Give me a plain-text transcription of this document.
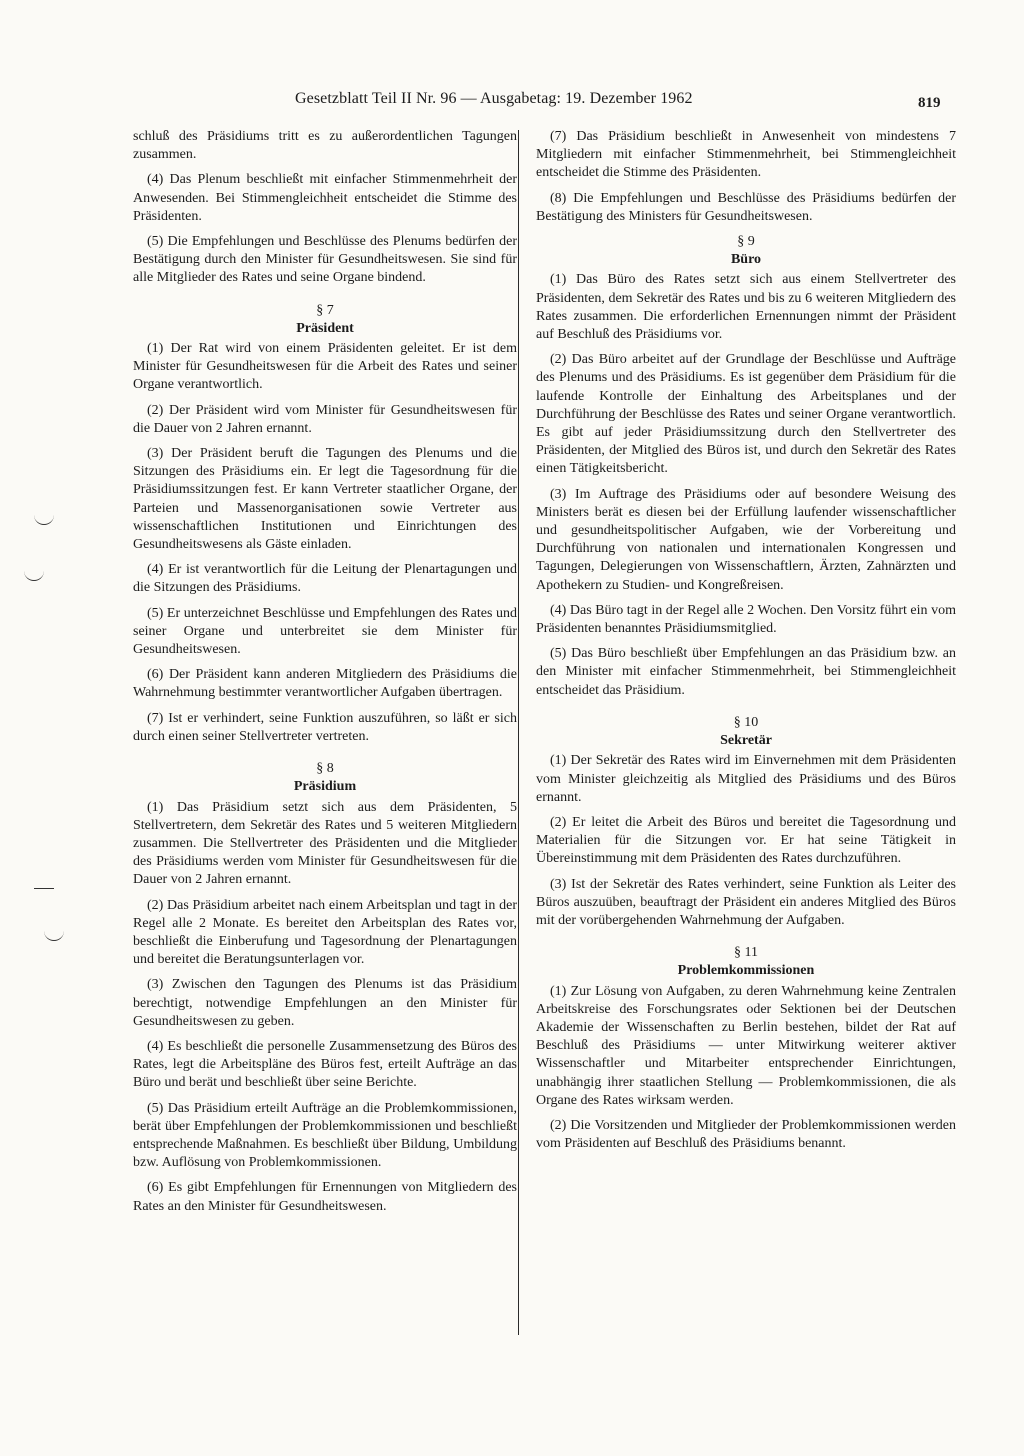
Gesetzblatt Teil II Nr. 96 — Ausgabetag: 19. Dezember 1962	819

schluß des Präsidiums tritt es zu außerordentlichen Tagungen zusammen.

(4) Das Plenum beschließt mit einfacher Stimmenmehrheit der Anwesenden. Bei Stimmengleichheit entscheidet die Stimme des Präsidenten.

(5) Die Empfehlungen und Beschlüsse des Plenums bedürfen der Bestätigung durch den Minister für Gesundheitswesen. Sie sind für alle Mitglieder des Rates und seine Organe bindend.

§ 7
Präsident

(1) Der Rat wird von einem Präsidenten geleitet. Er ist dem Minister für Gesundheitswesen für die Arbeit des Rates und seiner Organe verantwortlich.

(2) Der Präsident wird vom Minister für Gesundheitswesen für die Dauer von 2 Jahren ernannt.

(3) Der Präsident beruft die Tagungen des Plenums und die Sitzungen des Präsidiums ein. Er legt die Tagesordnung für die Präsidiumssitzungen fest. Er kann Vertreter staatlicher Organe, der Parteien und Massenorganisationen sowie Vertreter aus wissenschaftlichen Institutionen und Einrichtungen des Gesundheitswesens als Gäste einladen.

(4) Er ist verantwortlich für die Leitung der Plenartagungen und die Sitzungen des Präsidiums.

(5) Er unterzeichnet Beschlüsse und Empfehlungen des Rates und seiner Organe und unterbreitet sie dem Minister für Gesundheitswesen.

(6) Der Präsident kann anderen Mitgliedern des Präsidiums die Wahrnehmung bestimmter verantwortlicher Aufgaben übertragen.

(7) Ist er verhindert, seine Funktion auszuführen, so läßt er sich durch einen seiner Stellvertreter vertreten.

§ 8
Präsidium

(1) Das Präsidium setzt sich aus dem Präsidenten, 5 Stellvertretern, dem Sekretär des Rates und 5 weiteren Mitgliedern zusammen. Die Stellvertreter des Präsidenten und die Mitglieder des Präsidiums werden vom Minister für Gesundheitswesen für die Dauer von 2 Jahren ernannt.

(2) Das Präsidium arbeitet nach einem Arbeitsplan und tagt in der Regel alle 2 Monate. Es bereitet den Arbeitsplan des Rates vor, beschließt die Einberufung und Tagesordnung der Plenartagungen und bereitet die Beratungsunterlagen vor.

(3) Zwischen den Tagungen des Plenums ist das Präsidium berechtigt, notwendige Empfehlungen an den Minister für Gesundheitswesen zu geben.

(4) Es beschließt die personelle Zusammensetzung des Büros des Rates, legt die Arbeitspläne des Büros fest, erteilt Aufträge an das Büro und berät und beschließt über seine Berichte.

(5) Das Präsidium erteilt Aufträge an die Problemkommissionen, berät über Empfehlungen der Problemkommissionen und beschließt entsprechende Maßnahmen. Es beschließt über Bildung, Umbildung bzw. Auflösung von Problemkommissionen.

(6) Es gibt Empfehlungen für Ernennungen von Mitgliedern des Rates an den Minister für Gesundheitswesen.

(7) Das Präsidium beschließt in Anwesenheit von mindestens 7 Mitgliedern mit einfacher Stimmenmehrheit, bei Stimmengleichheit entscheidet die Stimme des Präsidenten.

(8) Die Empfehlungen und Beschlüsse des Präsidiums bedürfen der Bestätigung des Ministers für Gesundheitswesen.

§ 9
Büro

(1) Das Büro des Rates setzt sich aus einem Stellvertreter des Präsidenten, dem Sekretär des Rates und bis zu 6 weiteren Mitgliedern des Rates zusammen. Die erforderlichen Ernennungen nimmt der Präsident auf Beschluß des Präsidiums vor.

(2) Das Büro arbeitet auf der Grundlage der Beschlüsse und Aufträge des Plenums und des Präsidiums. Es ist gegenüber dem Präsidium für die laufende Kontrolle der Einhaltung des Arbeitsplanes und der Durchführung der Beschlüsse des Rates und seiner Organe verantwortlich. Es gibt auf jeder Präsidiumssitzung durch den Stellvertreter des Präsidenten, der Mitglied des Büros ist, und durch den Sekretär des Rates einen Tätigkeitsbericht.

(3) Im Auftrage des Präsidiums oder auf besondere Weisung des Ministers berät es diesen bei der Erfüllung laufender wissenschaftlicher und gesundheitspolitischer Aufgaben, wie der Vorbereitung und Durchführung von nationalen und internationalen Kongressen und Tagungen, Delegierungen von Wissenschaftlern, Ärzten, Zahnärzten und Apothekern zu Studien- und Kongreßreisen.

(4) Das Büro tagt in der Regel alle 2 Wochen. Den Vorsitz führt ein vom Präsidenten benanntes Präsidiumsmitglied.

(5) Das Büro beschließt über Empfehlungen an das Präsidium bzw. an den Minister mit einfacher Stimmenmehrheit, bei Stimmengleichheit entscheidet das Präsidium.

§ 10
Sekretär

(1) Der Sekretär des Rates wird im Einvernehmen mit dem Präsidenten vom Minister gleichzeitig als Mitglied des Präsidiums und des Büros ernannt.

(2) Er leitet die Arbeit des Büros und bereitet die Tagesordnung und Materialien für die Sitzungen vor. Er hat seine Tätigkeit in Übereinstimmung mit dem Präsidenten des Rates durchzuführen.

(3) Ist der Sekretär des Rates verhindert, seine Funktion als Leiter des Büros auszuüben, beauftragt der Präsident ein anderes Mitglied des Büros mit der vorübergehenden Wahrnehmung der Aufgaben.

§ 11
Problemkommissionen

(1) Zur Lösung von Aufgaben, zu deren Wahrnehmung keine Zentralen Arbeitskreise des Forschungsrates oder Sektionen bei der Deutschen Akademie der Wissenschaften zu Berlin bestehen, bildet der Rat auf Beschluß des Präsidiums — unter Mitwirkung weiterer aktiver Wissenschaftler und Mitarbeiter entsprechender Einrichtungen, unabhängig ihrer staatlichen Stellung — Problemkommissionen, die als Organe des Rates wirksam werden.

(2) Die Vorsitzenden und Mitglieder der Problemkommissionen werden vom Präsidenten auf Beschluß des Präsidiums benannt.
